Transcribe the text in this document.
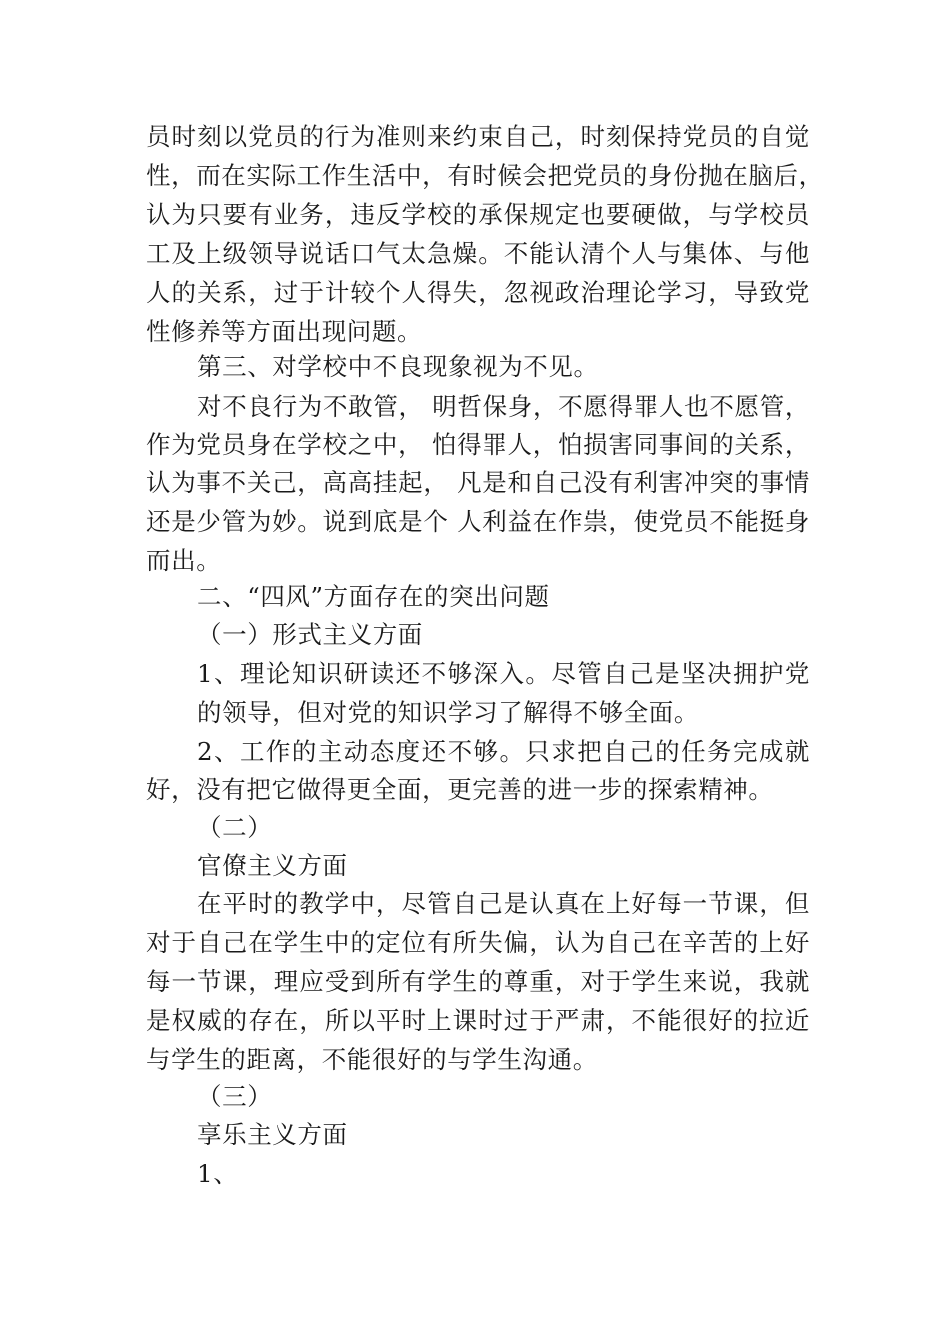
员时刻以党员的行为准则来约束自己，时刻保持党员的自觉
性，而在实际工作生活中，有时候会把党员的身份抛在脑后，
认为只要有业务，违反学校的承保规定也要硬做，与学校员
工及上级领导说话口气太急燥。不能认清个人与集体、与他
人的关系，过于计较个人得失，忽视政治理论学习，导致党
性修养等方面出现问题。
第三、对学校中不良现象视为不见。
对不良行为不敢管， 明哲保身，不愿得罪人也不愿管，
作为党员身在学校之中， 怕得罪人，怕损害同事间的关系，
认为事不关己，高高挂起， 凡是和自己没有利害冲突的事情
还是少管为妙。说到底是个 人利益在作祟，使党员不能挺身
而出。
二、“四风”方面存在的突出问题
（一）形式主义方面
1、理论知识研读还不够深入。尽管自己是坚决拥护党
的领导，但对党的知识学习了解得不够全面。
2、工作的主动态度还不够。只求把自己的任务完成就
好，没有把它做得更全面，更完善的进一步的探索精神。
（二）
官僚主义方面
在平时的教学中，尽管自己是认真在上好每一节课，但
对于自己在学生中的定位有所失偏，认为自己在辛苦的上好
每一节课，理应受到所有学生的尊重，对于学生来说，我就
是权威的存在，所以平时上课时过于严肃，不能很好的拉近
与学生的距离，不能很好的与学生沟通。
（三）
享乐主义方面
1、
